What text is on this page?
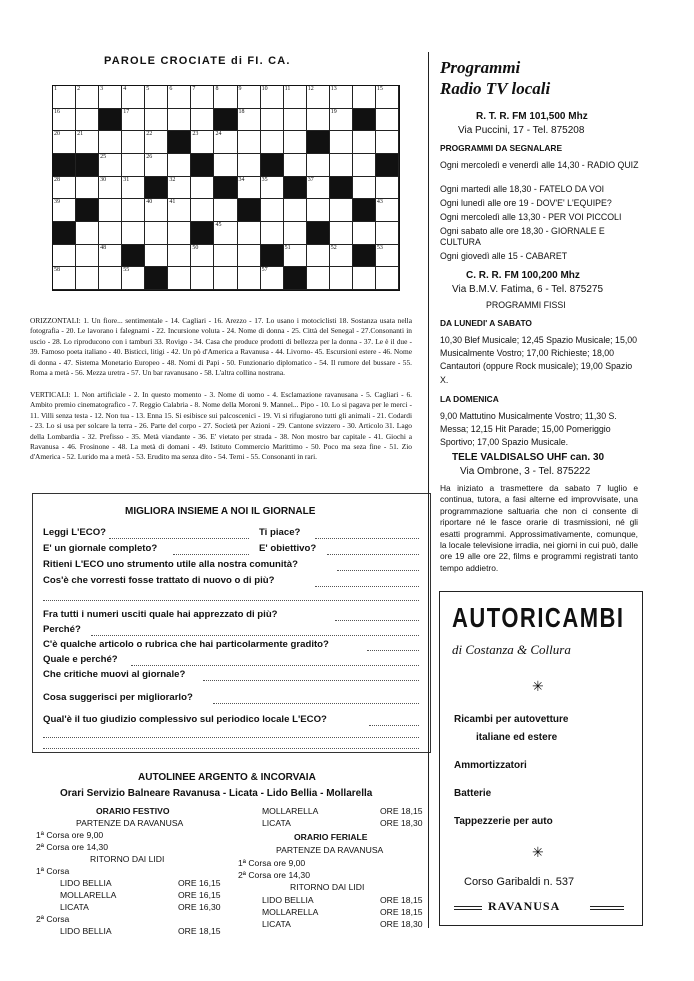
PAROLE CROCIATE di FI. CA.
1	2	3	4	5	6	7	8	9	10	11	12	13	15
16	17	18	19
20	21	22	23	24
25	26
28	30	31	32	34	35	37
39	40	41	43
45
48	50	51	52	53
58	55	57
ORIZZONTALI: 1. Un fiore... sentimentale - 14. Cagliari - 16. Arezzo - 17. Lo usano i motociclisti 18. Sostanza usata nella fotografia - 20. Le lavorano i falegnami - 22. Incursione voluta - 24. Nome di donna - 25. Città del Senegal - 27.Consonanti in uscio - 28. Lo riproducono con i tamburi 33. Rovigo - 34. Casa che produce prodotti di bellezza per la donna - 37. Le è il due - 39. Famoso poeta italiano - 40. Bisticci, litigi - 42. Un pò d'America a Ravanusa - 44. Livorno- 45. Escursioni estere - 46. Nome di donna - 47. Sistema Monetario Europeo - 48. Nomi di Papi - 50. Funzionario diplomatico - 54. Il rumore del bussare - 55. Roma a metà - 56. Mezza uretra - 57. Un bar ravanusano - 58. L'altra collina nostrana.
VERTICALI: 1. Non artificiale - 2. In questo momento - 3. Nome di uomo - 4. Esclamazione ravanusana - 5. Cagliari - 6. Ambito premio cinematografico - 7. Reggio Calabria - 8. Nome della Moroni 9. Mannel... Pipo - 10. Lo si pagava per le merci - 11. Villi senza testa - 12. Non tua - 13. Enna 15. Si esibisce sui palcoscenici - 19. Vi si rifugiarono tutti gli animali - 21. Codardi - 23. Lo si usa per solcare la terra - 26. Parte del corpo - 27. Società per Azioni - 29. Cantone svizzero - 30. Articolo 31. Lago della Lombardia - 32. Prefisso - 35. Metà viandante - 36. E' vietato per strada - 38. Non mostro bar capitale - 41. Giochi a Ravanusa - 46. Frosinone - 48. La metà di domani - 49. Istituto Commercio Marittimo - 50. Poco ma seza fine - 51. Zio d'America - 52. Lurido ma a metà - 53. Erudito ma senza dito - 54. Terni - 55. Consonanti in rari.
MIGLIORA INSIEME A NOI IL GIORNALE
Leggi L'ECO?	Ti piace?
E' un giornale completo?	E' obiettivo?
Ritieni L'ECO uno strumento utile alla nostra comunità?
Cos'è che vorresti fosse trattato di nuovo o di più?
Fra tutti i numeri usciti quale hai apprezzato di più?
Perché?
C'è qualche articolo o rubrica che hai particolarmente gradito?
Quale e perché?
Che critiche muovi al giornale?
Cosa suggerisci per migliorarlo?
Qual'è il tuo giudizio complessivo sul periodico locale L'ECO?
AUTOLINEE ARGENTO & INCORVAIA
Orari Servizio Balneare Ravanusa - Licata - Lido Bellia - Mollarella
ORARIO FESTIVO
PARTENZE DA RAVANUSA
1ª Corsa ore 9,00
2ª Corsa ore 14,30
RITORNO DAI LIDI
1ª Corsa
LIDO BELLIA	ORE 16,15
MOLLARELLA	ORE 16,15
LICATA	ORE 16,30
2ª Corsa
LIDO BELLIA	ORE 18,15
MOLLARELLA	ORE 18,15
LICATA	ORE 18,30
ORARIO FERIALE
PARTENZE DA RAVANUSA
1ª Corsa ore 9,00
2ª Corsa ore 14,30
RITORNO DAI LIDI
LIDO BELLIA	ORE 18,15
MOLLARELLA	ORE 18,15
LICATA	ORE 18,30
Programmi
Radio TV locali
R. T. R. FM 101,500 Mhz
Via Puccini, 17 - Tel. 875208
PROGRAMMI DA SEGNALARE
Ogni mercoledì e venerdì alle 14,30 - RADIO QUIZ
Ogni martedì alle 18,30 - FATELO DA VOI
Ogni lunedì alle ore 19 - DOV'E' L'EQUIPE?
Ogni mercoledì alle 13,30 - PER VOI PICCOLI
Ogni sabato alle ore 18,30 - GIORNALE E CULTURA
Ogni giovedì alle 15 - CABARET
C. R. R. FM 100,200 Mhz
Via B.M.V. Fatima, 6 - Tel. 875275
PROGRAMMI FISSI
DA LUNEDI' A SABATO
10,30 Blef Musicale; 12,45 Spazio Musicale; 15,00 Musicalmente Vostro; 17,00 Richieste; 18,00 Cantautori (oppure Rock musicale); 19,00 Spazio X.
LA DOMENICA
9,00 Mattutino Musicalmente Vostro; 11,30 S. Messa; 12,15 Hit Parade; 15,00 Pomeriggio Sportivo; 17,00 Spazio Musicale.
TELE VALDISALSO UHF can. 30
Via Ombrone, 3 - Tel. 875222
Ha iniziato a trasmettere da sabato 7 luglio e continua, tutora, a fasi alterne ed improvvisate, una programmazione saltuaria che non ci consente di riportare né le fasce orarie di trasmissioni, né gli esatti programmi. Approssimativamente, comunque, la locale televisione irradia, nei giorni in cui può, dalle ore 19 alle ore 22, films e programmi registrati tanto tempo addietro.
AUTORICAMBI
di Costanza & Collura
✳
Ricambi per autovetture
italiane ed estere
Ammortizzatori
Batterie
Tappezzerie per auto
✳
Corso Garibaldi n. 537
RAVANUSA
